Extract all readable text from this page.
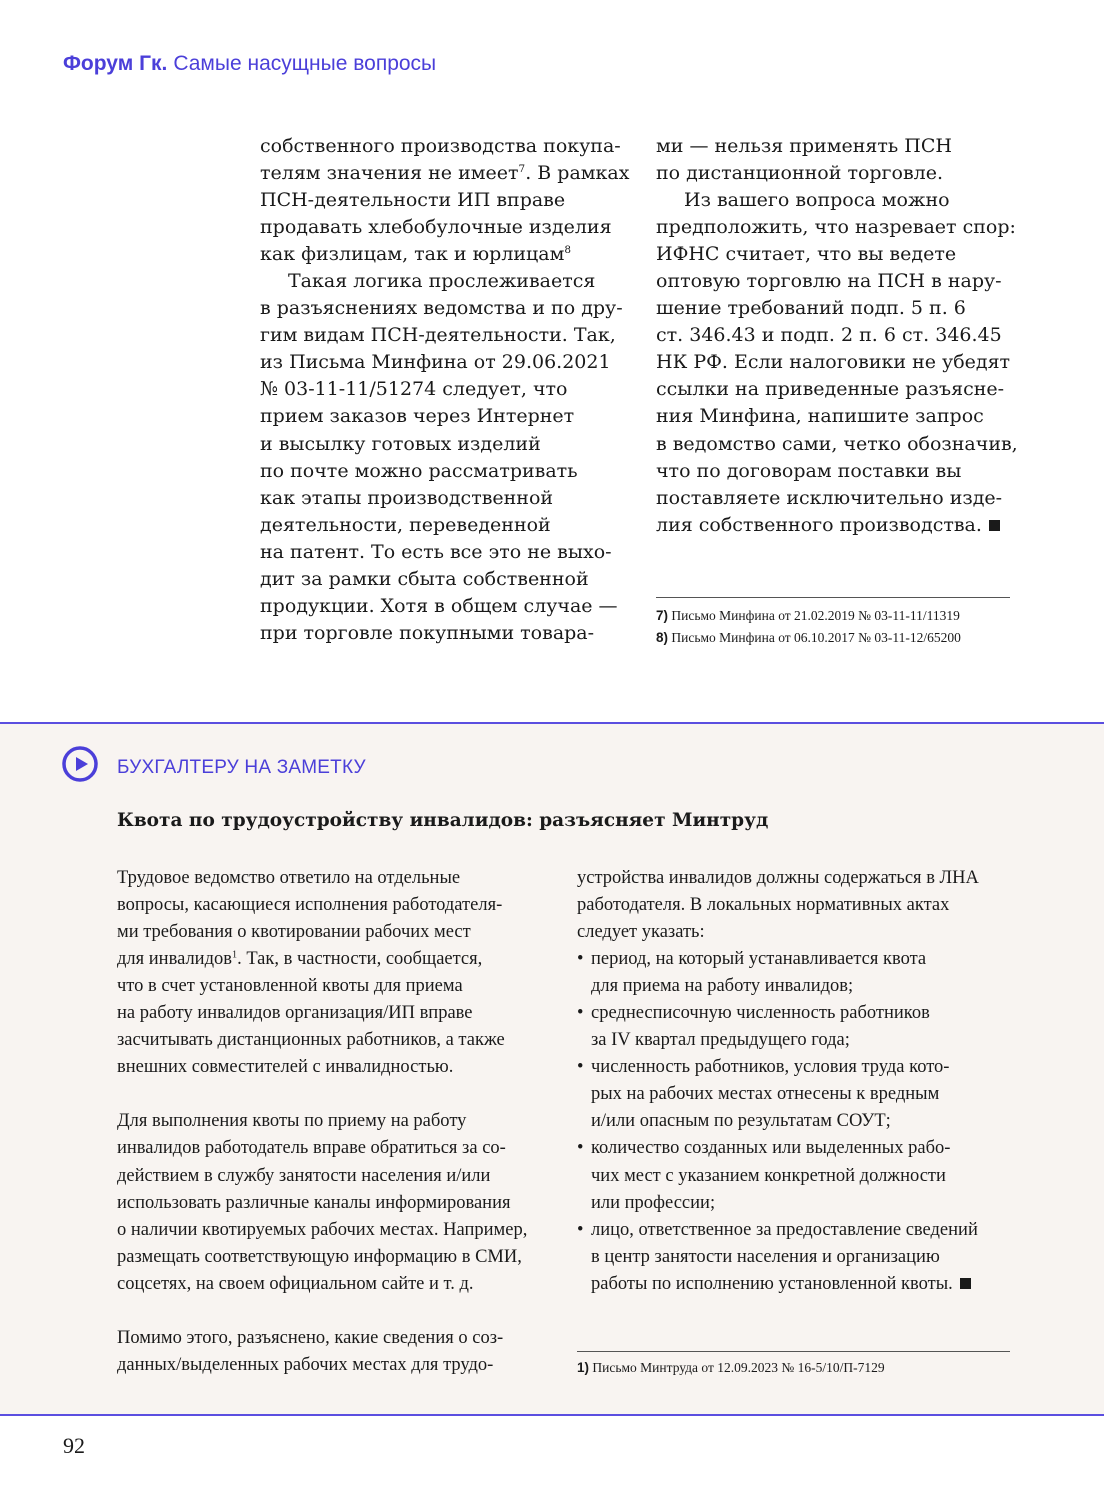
Форум Гк. Самые насущные вопросы
собственного производства покупа-
телям значения не имеет$^7$. В рамках
ПСН-деятельности ИП вправе
продавать хлебобулочные изделия
как физлицам, так и юрлицам$^8$
Такая логика прослеживается
в разъяснениях ведомства и по дру-
гим видам ПСН-деятельности. Так,
из Письма Минфина от 29.06.2021
№ 03-11-11/51274 следует, что
прием заказов через Интернет
и высылку готовых изделий
по почте можно рассматривать
как этапы производственной
деятельности, переведенной
на патент. То есть все это не выхо-
дит за рамки сбыта собственной
продукции. Хотя в общем случае —
при торговле покупными товара-
ми — нельзя применять ПСН
по дистанционной торговле.
Из вашего вопроса можно
предположить, что назревает спор:
ИФНС считает, что вы ведете
оптовую торговлю на ПСН в нару-
шение требований подп. 5 п. 6
ст. 346.43 и подп. 2 п. 6 ст. 346.45
НК РФ. Если налоговики не убедят
ссылки на приведенные разъясне-
ния Минфина, напишите запрос
в ведомство сами, четко обозначив,
что по договорам поставки вы
поставляете исключительно изде-
лия собственного производства.
7) Письмо Минфина от 21.02.2019 № 03-11-11/11319
8) Письмо Минфина от 06.10.2017 № 03-11-12/65200
БУХГАЛТЕРУ НА ЗАМЕТКУ
Квота по трудоустройству инвалидов: разъясняет Минтруд
Трудовое ведомство ответило на отдельные
вопросы, касающиеся исполнения работодателя-
ми требования о квотировании рабочих мест
для инвалидов$^1$. Так, в частности, сообщается,
что в счет установленной квоты для приема
на работу инвалидов организация/ИП вправе
засчитывать дистанционных работников, а также
внешних совместителей с инвалидностью.
Для выполнения квоты по приему на работу
инвалидов работодатель вправе обратиться за со-
действием в службу занятости населения и/или
использовать различные каналы информирования
о наличии квотируемых рабочих местах. Например,
размещать соответствующую информацию в СМИ,
соцсетях, на своем официальном сайте и т. д.
Помимо этого, разъяснено, какие сведения о соз-
данных/выделенных рабочих местах для трудо-
устройства инвалидов должны содержаться в ЛНА
работодателя. В локальных нормативных актах
следует указать:
• период, на который устанавливается квота
для приема на работу инвалидов;
• среднесписочную численность работников
за IV квартал предыдущего года;
• численность работников, условия труда кото-
рых на рабочих местах отнесены к вредным
и/или опасным по результатам СОУТ;
• количество созданных или выделенных рабо-
чих мест с указанием конкретной должности
или профессии;
• лицо, ответственное за предоставление сведений
в центр занятости населения и организацию
работы по исполнению установленной квоты.
1) Письмо Минтруда от 12.09.2023 № 16-5/10/П-7129
92
